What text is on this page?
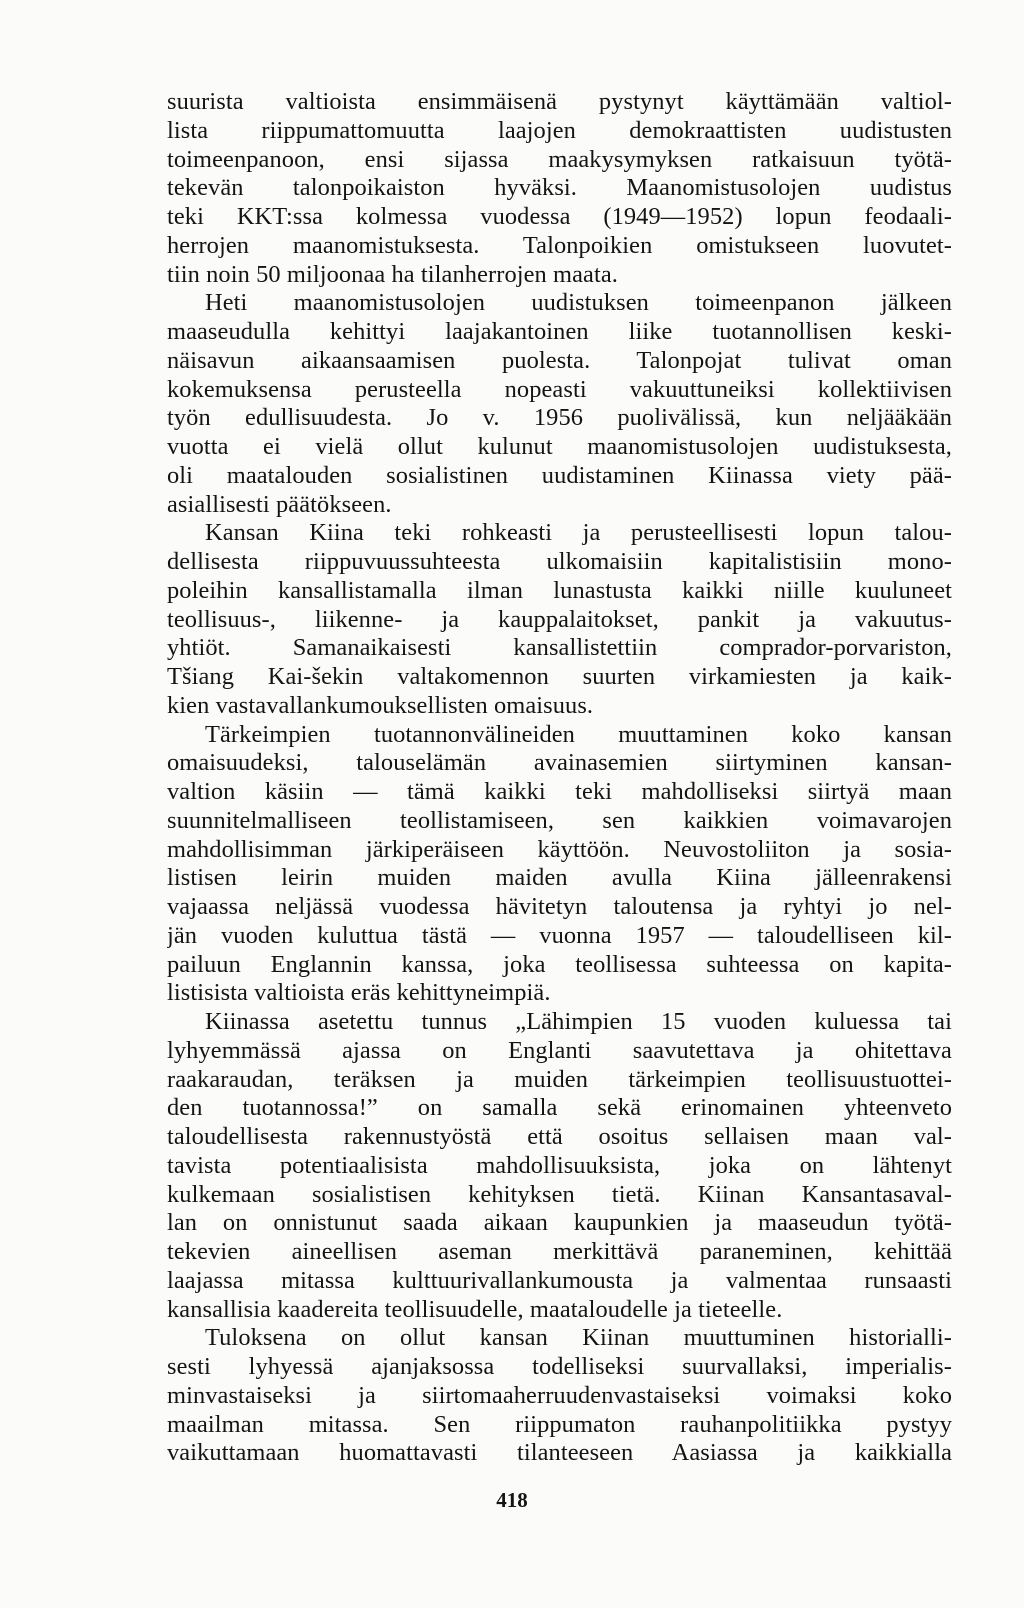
suurista valtioista ensimmäisenä pystynyt käyttämään valtiol-
lista riippumattomuutta laajojen demokraattisten uudistusten
toimeenpanoon, ensi sijassa maakysymyksen ratkaisuun työtä-
tekevän talonpoikaiston hyväksi. Maanomistusolojen uudistus
teki KKT:ssa kolmessa vuodessa (1949—1952) lopun feodaali-
herrojen maanomistuksesta. Talonpoikien omistukseen luovutet-
tiin noin 50 miljoonaa ha tilanherrojen maata.
Heti maanomistusolojen uudistuksen toimeenpanon jälkeen
maaseudulla kehittyi laajakantoinen liike tuotannollisen keski-
näisavun aikaansaamisen puolesta. Talonpojat tulivat oman
kokemuksensa perusteella nopeasti vakuuttuneiksi kollektiivisen
työn edullisuudesta. Jo v. 1956 puolivälissä, kun neljääkään
vuotta ei vielä ollut kulunut maanomistusolojen uudistuksesta,
oli maatalouden sosialistinen uudistaminen Kiinassa viety pää-
asiallisesti päätökseen.
Kansan Kiina teki rohkeasti ja perusteellisesti lopun talou-
dellisesta riippuvuussuhteesta ulkomaisiin kapitalistisiin mono-
poleihin kansallistamalla ilman lunastusta kaikki niille kuuluneet
teollisuus-, liikenne- ja kauppalaitokset, pankit ja vakuutus-
yhtiöt. Samanaikaisesti kansallistettiin comprador-porvariston,
Tšiang Kai-šekin valtakomennon suurten virkamiesten ja kaik-
kien vastavallankumouksellisten omaisuus.
Tärkeimpien tuotannonvälineiden muuttaminen koko kansan
omaisuudeksi, talouselämän avainasemien siirtyminen kansan-
valtion käsiin — tämä kaikki teki mahdolliseksi siirtyä maan
suunnitelmalliseen teollistamiseen, sen kaikkien voimavarojen
mahdollisimman järkiperäiseen käyttöön. Neuvostoliiton ja sosia-
listisen leirin muiden maiden avulla Kiina jälleenrakensi
vajaassa neljässä vuodessa hävitetyn taloutensa ja ryhtyi jo nel-
jän vuoden kuluttua tästä — vuonna 1957 — taloudelliseen kil-
pailuun Englannin kanssa, joka teollisessa suhteessa on kapita-
listisista valtioista eräs kehittyneimpiä.
Kiinassa asetettu tunnus „Lähimpien 15 vuoden kuluessa tai
lyhyemmässä ajassa on Englanti saavutettava ja ohitettava
raakaraudan, teräksen ja muiden tärkeimpien teollisuustuottei-
den tuotannossa!” on samalla sekä erinomainen yhteenveto
taloudellisesta rakennustyöstä että osoitus sellaisen maan val-
tavista potentiaalisista mahdollisuuksista, joka on lähtenyt
kulkemaan sosialistisen kehityksen tietä. Kiinan Kansantasaval-
lan on onnistunut saada aikaan kaupunkien ja maaseudun työtä-
tekevien aineellisen aseman merkittävä paraneminen, kehittää
laajassa mitassa kulttuurivallankumousta ja valmentaa runsaasti
kansallisia kaadereita teollisuudelle, maataloudelle ja tieteelle.
Tuloksena on ollut kansan Kiinan muuttuminen historialli-
sesti lyhyessä ajanjaksossa todelliseksi suurvallaksi, imperialis-
minvastaiseksi ja siirtomaaherruudenvastaiseksi voimaksi koko
maailman mitassa. Sen riippumaton rauhanpolitiikka pystyy
vaikuttamaan huomattavasti tilanteeseen Aasiassa ja kaikkialla
418
